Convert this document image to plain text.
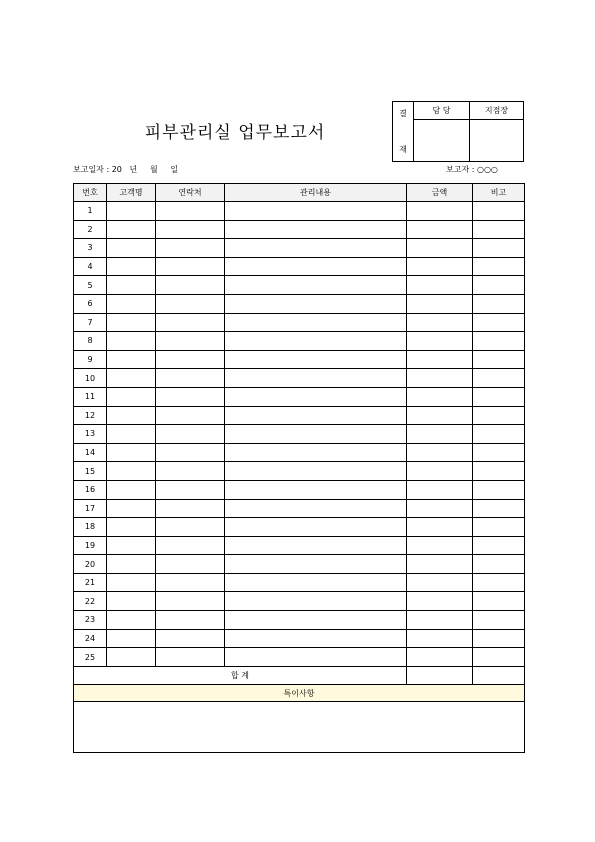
피부관리실 업무보고서
결

재	담 당	지점장

보고일자 : 20   년     월     일	보고자 : ○○○
번호	고객명	연락처	관리내용	금액	비고
1					
2					
3					
4					
5					
6					
7					
8					
9					
10					
11					
12					
13					
14					
15					
16					
17					
18					
19					
20					
21					
22					
23					
24					
25					
합 계					
특이사항					
